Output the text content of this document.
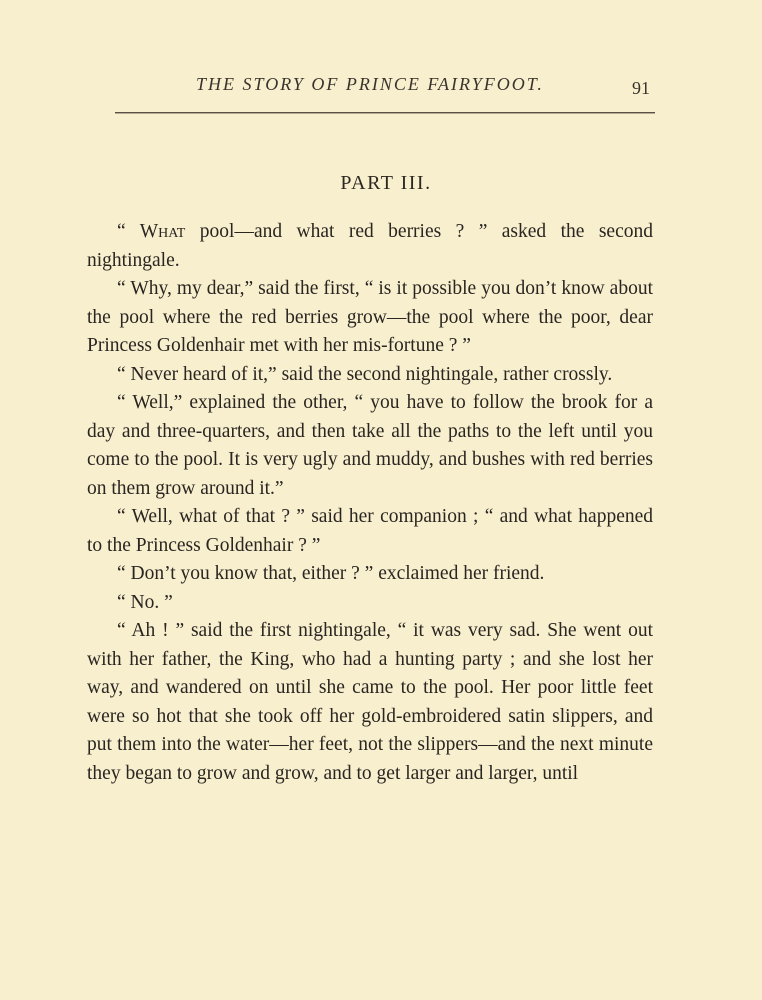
THE STORY OF PRINCE FAIRYFOOT.	91
PART III.

“ What pool—and what red berries ? ” asked the second nightingale.

“ Why, my dear,” said the first, “ is it possible you don’t know about the pool where the red berries grow—the pool where the poor, dear Princess Goldenhair met with her mis-fortune ? ”

“ Never heard of it,” said the second nightingale, rather crossly.

“ Well,” explained the other, “ you have to follow the brook for a day and three-quarters, and then take all the paths to the left until you come to the pool. It is very ugly and muddy, and bushes with red berries on them grow around it.”

“ Well, what of that ? ” said her companion ; “ and what happened to the Princess Goldenhair ? ”

“ Don’t you know that, either ? ” exclaimed her friend.

“ No. ”

“ Ah ! ” said the first nightingale, “ it was very sad. She went out with her father, the King, who had a hunting party ; and she lost her way, and wandered on until she came to the pool. Her poor little feet were so hot that she took off her gold-embroidered satin slippers, and put them into the water—her feet, not the slippers—and the next minute they began to grow and grow, and to get larger and larger, until
